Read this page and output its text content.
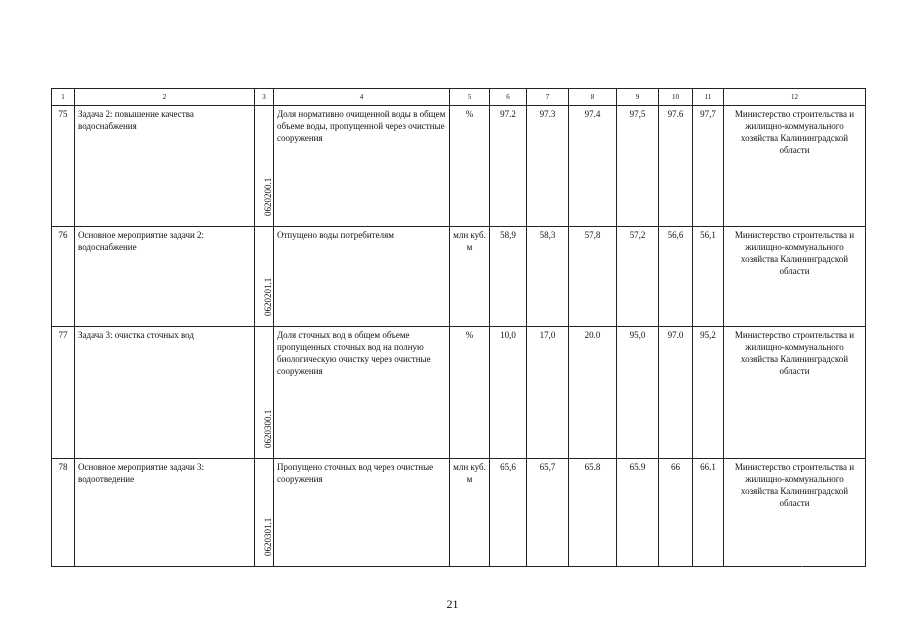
1	2	3	4	5	6	7	8	9	10	11	12
75	Задача 2: повышение качества водоснабжения	0620200.1	Доля нормативно очищенной воды в общем объеме воды, пропущенной через очистные сооружения	%	97.2	97.3	97.4	97,5	97.6	97,7	Министерство строительства и жилищно-коммунального хозяйства Калининградской области
76	Основное мероприятие задачи 2: водоснабжение	0620201.1	Отпущено воды потребителям	млн куб. м	58,9	58,3	57,8	57,2	56,6	56,1	Министерство строительства и жилищно-коммунального хозяйства Калининградской области
77	Задача 3: очистка сточных вод	0620300.1	Доля сточных вод в общем объеме пропущенных сточных вод на полную биологическую очистку через очистные сооружения	%	10,0	17,0	20.0	95,0	97.0	95,2	Министерство строительства и жилищно-коммунального хозяйства Калининградской области
78	Основное мероприятие задачи 3: водоотведение	0620301.1	Пропущено сточных вод через очистные сооружения	млн куб. м	65,6	65,7	65.8	65.9	66	66.1	Министерство строительства и жилищно-коммунального хозяйства Калининградской области
21
